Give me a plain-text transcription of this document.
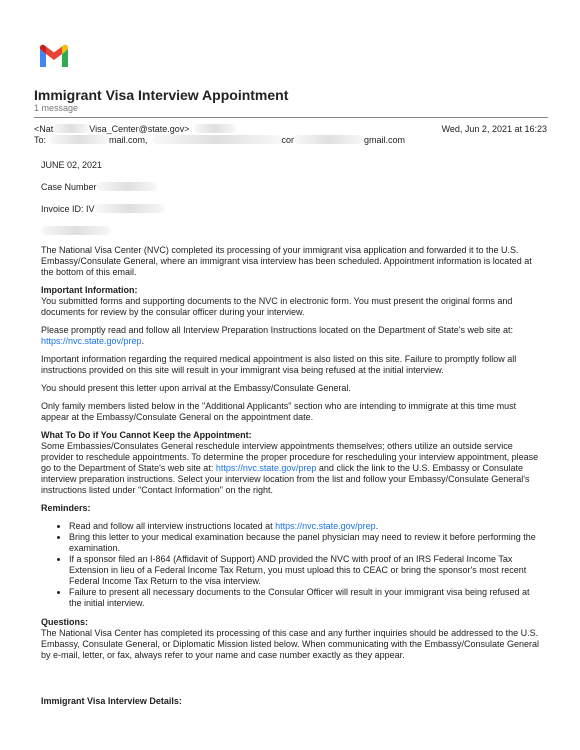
Immigrant Visa Interview Appointment
1 message
<Nat	Visa_Center@state.gov>	Wed, Jun 2, 2021 at 16:23
To:	mail.com,	cor	gmail.com

JUNE 02, 2021

Case Number

Invoice ID: IV

The National Visa Center (NVC) completed its processing of your immigrant visa application and forwarded it to the U.S. Embassy/Consulate General, where an immigrant visa interview has been scheduled. Appointment information is located at the bottom of this email.

Important Information:

You submitted forms and supporting documents to the NVC in electronic form. You must present the original forms and documents for review by the consular officer during your interview.

Please promptly read and follow all Interview Preparation Instructions located on the Department of State's web site at: https://nvc.state.gov/prep.

Important information regarding the required medical appointment is also listed on this site. Failure to promptly follow all instructions provided on this site will result in your immigrant visa being refused at the initial interview.

You should present this letter upon arrival at the Embassy/Consulate General.

Only family members listed below in the "Additional Applicants" section who are intending to immigrate at this time must appear at the Embassy/Consulate General on the appointment date.

What To Do if You Cannot Keep the Appointment:

Some Embassies/Consulates General reschedule interview appointments themselves; others utilize an outside service provider to reschedule appointments. To determine the proper procedure for rescheduling your interview appointment, please go to the Department of State's web site at: https://nvc.state.gov/prep and click the link to the U.S. Embassy or Consulate interview preparation instructions. Select your interview location from the list and follow your Embassy/Consulate General's instructions listed under "Contact Information" on the right.

Reminders:
• Read and follow all interview instructions located at https://nvc.state.gov/prep.
• Bring this letter to your medical examination because the panel physician may need to review it before performing the examination.
• If a sponsor filed an I-864 (Affidavit of Support) AND provided the NVC with proof of an IRS Federal Income Tax Extension in lieu of a Federal Income Tax Return, you must upload this to CEAC or bring the sponsor's most recent Federal Income Tax Return to the visa interview.
• Failure to present all necessary documents to the Consular Officer will result in your immigrant visa being refused at the initial interview.
Questions:

The National Visa Center has completed its processing of this case and any further inquiries should be addressed to the U.S. Embassy, Consulate General, or Diplomatic Mission listed below. When communicating with the Embassy/Consulate General by e-mail, letter, or fax, always refer to your name and case number exactly as they appear.

Immigrant Visa Interview Details:
